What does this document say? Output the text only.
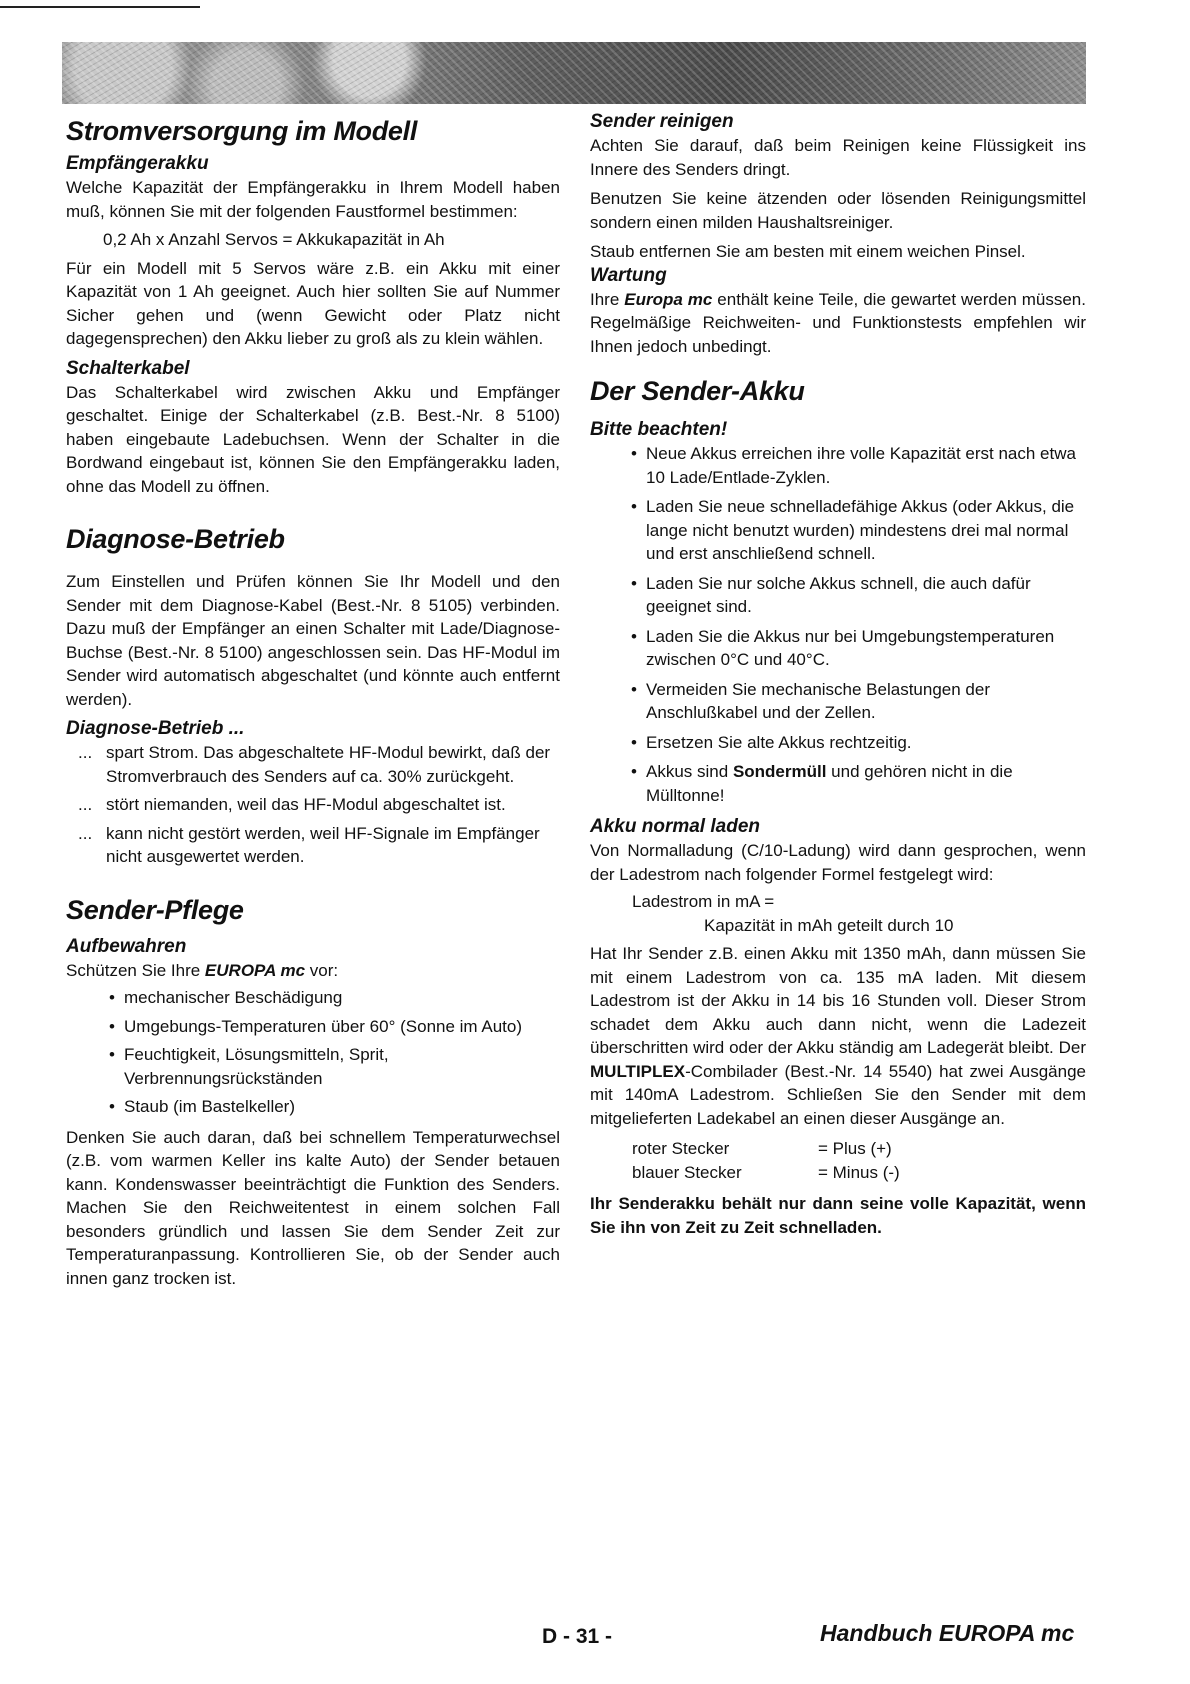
Stromversorgung im Modell
Empfängerakku

Welche Kapazität der Empfängerakku in Ihrem Modell haben muß, können Sie mit der folgenden Faustformel bestimmen:

0,2 Ah x Anzahl Servos = Akkukapazität in Ah

Für ein Modell mit 5 Servos wäre z.B. ein Akku mit einer Kapazität von 1 Ah geeignet. Auch hier sollten Sie auf Nummer Sicher gehen und (wenn Gewicht oder Platz nicht dagegensprechen) den Akku lieber zu groß als zu klein wählen.

Schalterkabel

Das Schalterkabel wird zwischen Akku und Empfänger geschaltet. Einige der Schalterkabel (z.B. Best.-Nr. 8 5100) haben eingebaute Ladebuchsen. Wenn der Schalter in die Bordwand eingebaut ist, können Sie den Empfängerakku laden, ohne das Modell zu öffnen.

Diagnose-Betrieb

Zum Einstellen und Prüfen können Sie Ihr Modell und den Sender mit dem Diagnose-Kabel (Best.-Nr. 8 5105) verbinden. Dazu muß der Empfänger an einen Schalter mit Lade/Diagnose-Buchse (Best.-Nr. 8 5100) angeschlossen sein. Das HF-Modul im Sender wird automatisch abgeschaltet (und könnte auch entfernt werden).

Diagnose-Betrieb ...
... spart Strom. Das abgeschaltete HF-Modul bewirkt, daß der Stromverbrauch des Senders auf ca. 30% zurückgeht.
... stört niemanden, weil das HF-Modul abgeschaltet ist.
... kann nicht gestört werden, weil HF-Signale im Empfänger nicht ausgewertet werden.
Sender-Pflege
Aufbewahren

Schützen Sie Ihre EUROPA mc vor:

• mechanischer Beschädigung
• Umgebungs-Temperaturen über 60° (Sonne im Auto)
• Feuchtigkeit, Lösungsmitteln, Sprit, Verbrennungsrückständen
• Staub (im Bastelkeller)

Denken Sie auch daran, daß bei schnellem Temperaturwechsel (z.B. vom warmen Keller ins kalte Auto) der Sender betauen kann. Kondenswasser beeinträchtigt die Funktion des Senders. Machen Sie den Reichweitentest in einem solchen Fall besonders gründlich und lassen Sie dem Sender Zeit zur Temperaturanpassung. Kontrollieren Sie, ob der Sender auch innen ganz trocken ist.

Sender reinigen

Achten Sie darauf, daß beim Reinigen keine Flüssigkeit ins Innere des Senders dringt.

Benutzen Sie keine ätzenden oder lösenden Reinigungsmittel sondern einen milden Haushaltsreiniger.

Staub entfernen Sie am besten mit einem weichen Pinsel.

Wartung

Ihre Europa mc enthält keine Teile, die gewartet werden müssen. Regelmäßige Reichweiten- und Funktionstests empfehlen wir Ihnen jedoch unbedingt.

Der Sender-Akku
Bitte beachten!
• Neue Akkus erreichen ihre volle Kapazität erst nach etwa 10 Lade/Entlade-Zyklen.
• Laden Sie neue schnelladefähige Akkus (oder Akkus, die lange nicht benutzt wurden) mindestens drei mal normal und erst anschließend schnell.
• Laden Sie nur solche Akkus schnell, die auch dafür geeignet sind.
• Laden Sie die Akkus nur bei Umgebungstemperaturen zwischen 0°C und 40°C.
• Vermeiden Sie mechanische Belastungen der Anschlußkabel und der Zellen.
• Ersetzen Sie alte Akkus rechtzeitig.
• Akkus sind Sondermüll und gehören nicht in die Mülltonne!
Akku normal laden

Von Normalladung (C/10-Ladung) wird dann gesprochen, wenn der Ladestrom nach folgender Formel festgelegt wird:

Ladestrom in mA =
Kapazität in mAh geteilt durch 10

Hat Ihr Sender z.B. einen Akku mit 1350 mAh, dann müssen Sie mit einem Ladestrom von ca. 135 mA laden. Mit diesem Ladestrom ist der Akku in 14 bis 16 Stunden voll. Dieser Strom schadet dem Akku auch dann nicht, wenn die Ladezeit überschritten wird oder der Akku ständig am Ladegerät bleibt. Der MULTIPLEX-Combilader (Best.-Nr. 14 5540) hat zwei Ausgänge mit 140mA Ladestrom. Schließen Sie den Sender mit dem mitgelieferten Ladekabel an einen dieser Ausgänge an.

roter Stecker	= Plus (+)
blauer Stecker	= Minus (-)

Ihr Senderakku behält nur dann seine volle Kapazität, wenn Sie ihn von Zeit zu Zeit schnelladen.

D - 31 -	Handbuch EUROPA mc
